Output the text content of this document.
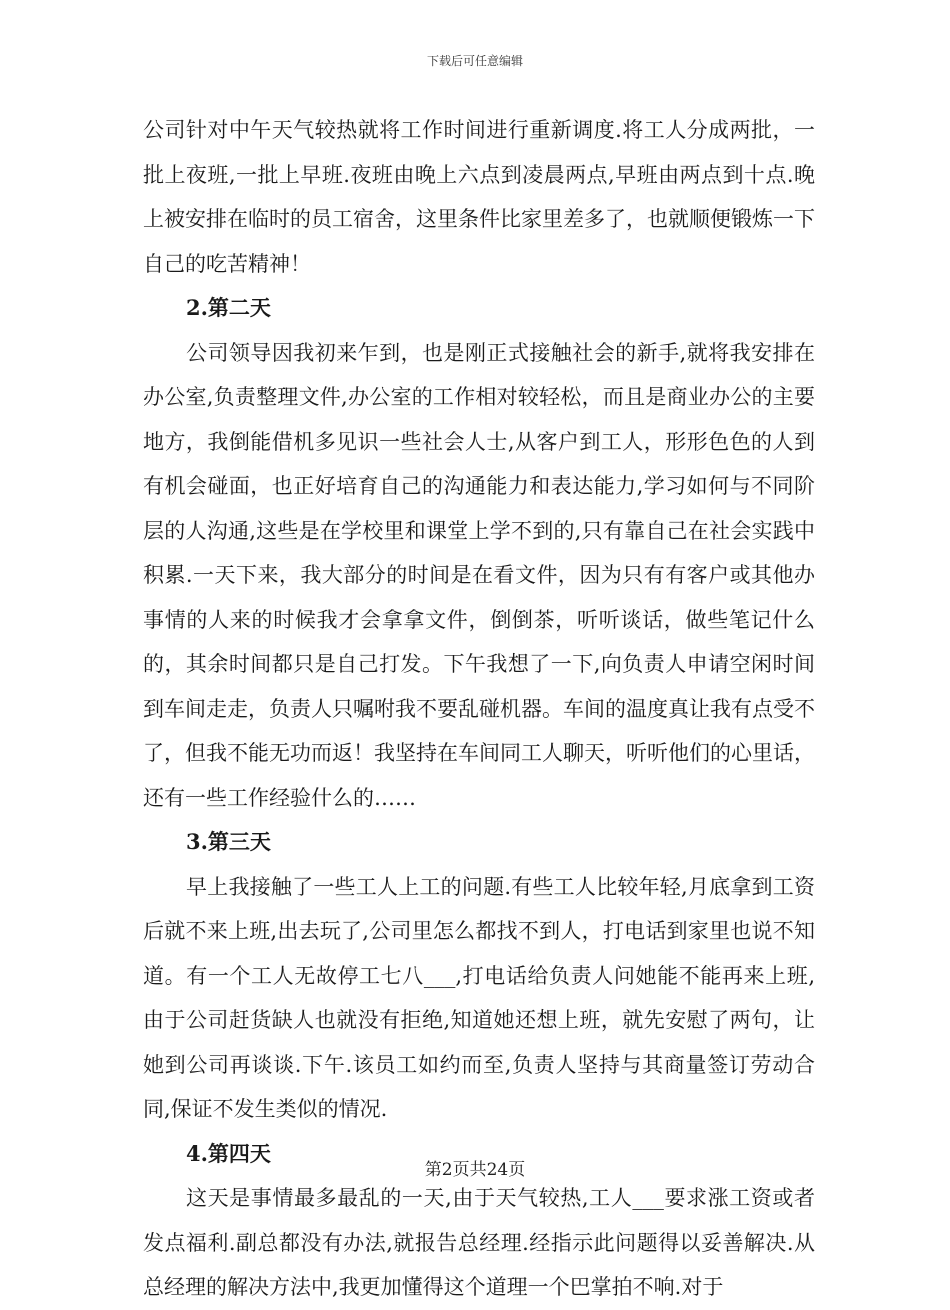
下载后可任意编辑

公司针对中午天气较热就将工作时间进行重新调度.将工人分成两批，一批上夜班,一批上早班.夜班由晚上六点到凌晨两点,早班由两点到十点.晚上被安排在临时的员工宿舍，这里条件比家里差多了，也就顺便锻炼一下自己的吃苦精神！

2.第二天

公司领导因我初来乍到，也是刚正式接触社会的新手,就将我安排在办公室,负责整理文件,办公室的工作相对较轻松，而且是商业办公的主要地方，我倒能借机多见识一些社会人士,从客户到工人，形形色色的人到有机会碰面，也正好培育自己的沟通能力和表达能力,学习如何与不同阶层的人沟通,这些是在学校里和课堂上学不到的,只有靠自己在社会实践中积累.一天下来，我大部分的时间是在看文件，因为只有有客户或其他办事情的人来的时候我才会拿拿文件，倒倒茶，听听谈话，做些笔记什么的，其余时间都只是自己打发。下午我想了一下,向负责人申请空闲时间到车间走走，负责人只嘱咐我不要乱碰机器。车间的温度真让我有点受不了，但我不能无功而返！我坚持在车间同工人聊天，听听他们的心里话，还有一些工作经验什么的……

3.第三天

早上我接触了一些工人上工的问题.有些工人比较年轻,月底拿到工资后就不来上班,出去玩了,公司里怎么都找不到人，打电话到家里也说不知道。有一个工人无故停工七八___,打电话给负责人问她能不能再来上班,由于公司赶货缺人也就没有拒绝,知道她还想上班，就先安慰了两句，让她到公司再谈谈.下午.该员工如约而至,负责人坚持与其商量签订劳动合同,保证不发生类似的情况.

4.第四天

这天是事情最多最乱的一天,由于天气较热,工人___要求涨工资或者发点福利.副总都没有办法,就报告总经理.经指示此问题得以妥善解决.从总经理的解决方法中,我更加懂得这个道理一个巴掌拍不响.对于

第2页共24页
